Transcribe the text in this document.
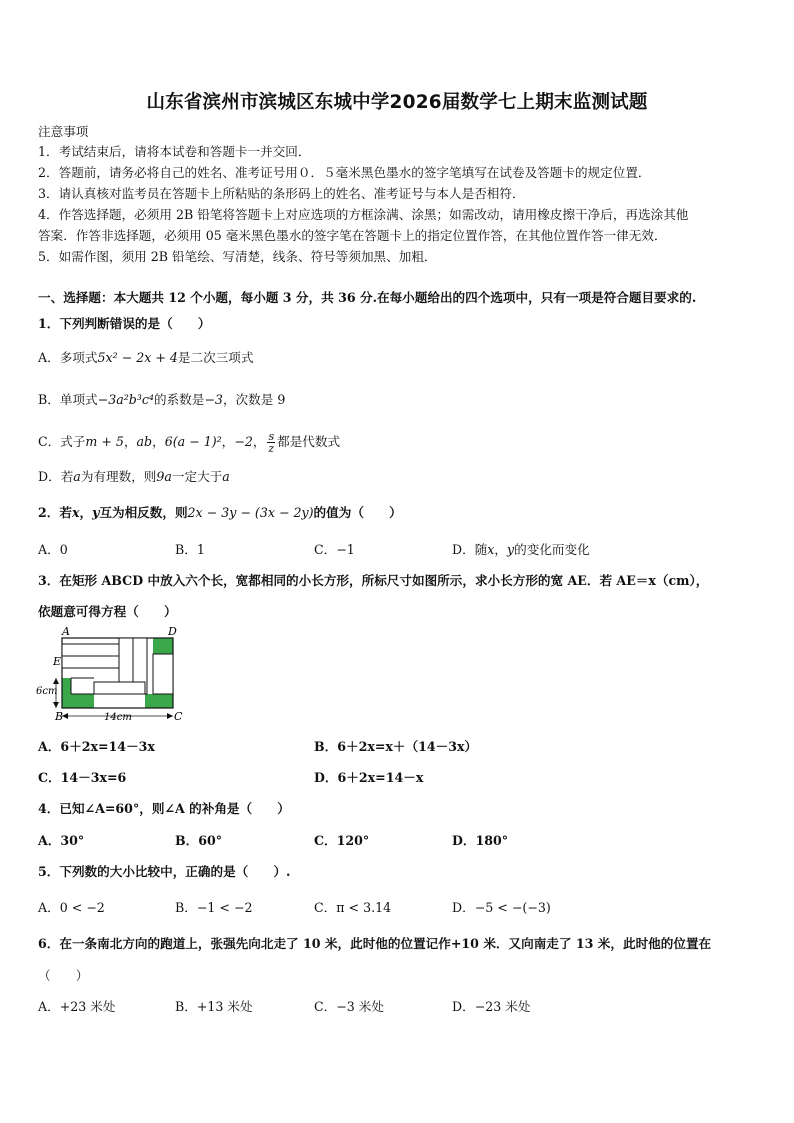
山东省滨州市滨城区东城中学2026届数学七上期末监测试题
注意事项
1．考试结束后，请将本试卷和答题卡一并交回．
2．答题前，请务必将自己的姓名、准考证号用０．５毫米黑色墨水的签字笔填写在试卷及答题卡的规定位置．
3．请认真核对监考员在答题卡上所粘贴的条形码上的姓名、准考证号与本人是否相符．
4．作答选择题，必须用 2B 铅笔将答题卡上对应选项的方框涂满、涂黑；如需改动，请用橡皮擦干净后，再选涂其他
答案．作答非选择题，必须用 05 毫米黑色墨水的签字笔在答题卡上的指定位置作答，在其他位置作答一律无效．
5．如需作图，须用 2B 铅笔绘、写清楚，线条、符号等须加黑、加粗．
一、选择题：本大题共 12 个小题，每小题 3 分，共 36 分.在每小题给出的四个选项中，只有一项是符合题目要求的.
1．下列判断错误的是（　　）
A．多项式5x² − 2x + 4是二次三项式
B．单项式−3a²b³c⁴的系数是−3，次数是 9
C．式子m + 5，ab，6(a − 1)²，−2， $\frac{s}{z}$ 都是代数式
D．若a为有理数，则9a一定大于a
2．若x，y互为相反数，则2x − 3y − (3x − 2y)的值为（　　）
A．0	B．1	C．−1	D．随x，y的变化而变化
3．在矩形 ABCD 中放入六个长，宽都相同的小长方形，所标尺寸如图所示，求小长方形的宽 AE．若 AE＝x（cm），
依题意可得方程（　　）
A	D
E
6cm
B	C
14cm
A．6＋2x=14－3x	B．6＋2x=x＋（14－3x）
C．14－3x=6	D．6＋2x=14－x
4．已知∠A=60°，则∠A 的补角是（　　）
A．30°	B．60°	C．120°	D．180°
5．下列数的大小比较中，正确的是（　　）.
A．0 < −2	B．−1 < −2	C．π < 3.14	D．−5 < −(−3)
6．在一条南北方向的跑道上，张强先向北走了 10 米，此时他的位置记作+10 米．又向南走了 13 米，此时他的位置在
（　　）
A．+23 米处	B．+13 米处	C．−3 米处	D．−23 米处
